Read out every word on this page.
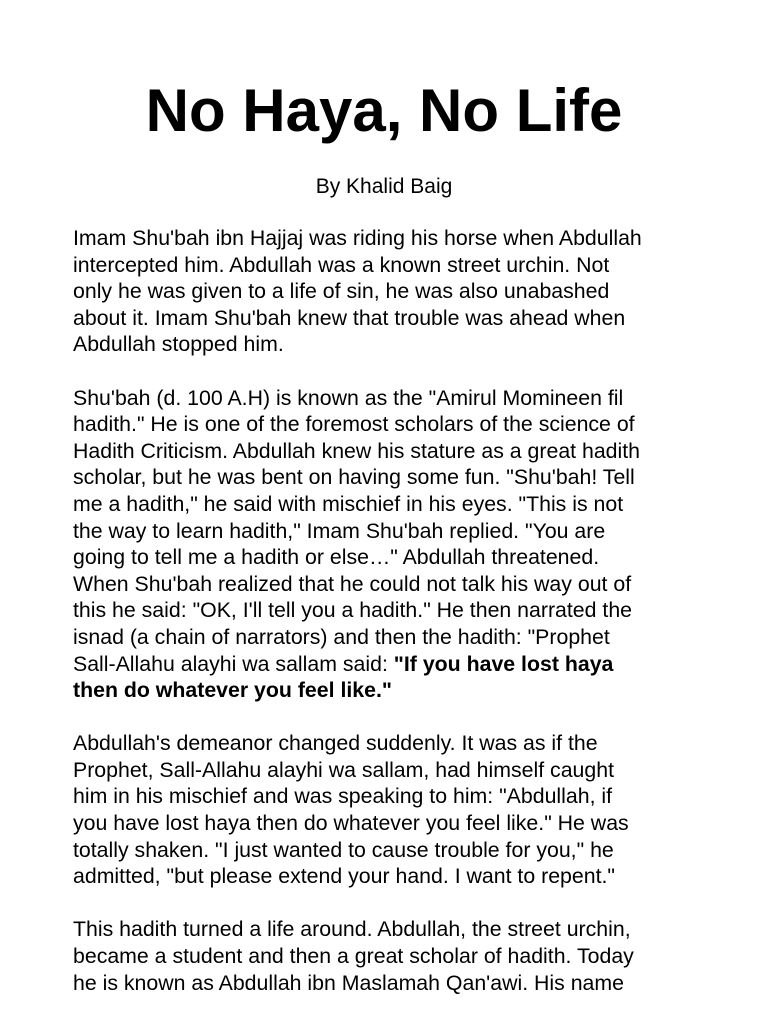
No Haya, No Life

By Khalid Baig

Imam Shu'bah ibn Hajjaj was riding his horse when Abdullah
intercepted him. Abdullah was a known street urchin. Not
only he was given to a life of sin, he was also unabashed
about it. Imam Shu'bah knew that trouble was ahead when
Abdullah stopped him.

Shu'bah (d. 100 A.H) is known as the "Amirul Momineen fil
hadith." He is one of the foremost scholars of the science of
Hadith Criticism. Abdullah knew his stature as a great hadith
scholar, but he was bent on having some fun. "Shu'bah! Tell
me a hadith," he said with mischief in his eyes. "This is not
the way to learn hadith," Imam Shu'bah replied. "You are
going to tell me a hadith or else…" Abdullah threatened.
When Shu'bah realized that he could not talk his way out of
this he said: "OK, I'll tell you a hadith." He then narrated the
isnad (a chain of narrators) and then the hadith: "Prophet
Sall-Allahu alayhi wa sallam said: "If you have lost haya
then do whatever you feel like."

Abdullah's demeanor changed suddenly. It was as if the
Prophet, Sall-Allahu alayhi wa sallam, had himself caught
him in his mischief and was speaking to him: "Abdullah, if
you have lost haya then do whatever you feel like." He was
totally shaken. "I just wanted to cause trouble for you," he
admitted, "but please extend your hand. I want to repent."

This hadith turned a life around. Abdullah, the street urchin,
became a student and then a great scholar of hadith. Today
he is known as Abdullah ibn Maslamah Qan'awi. His name
